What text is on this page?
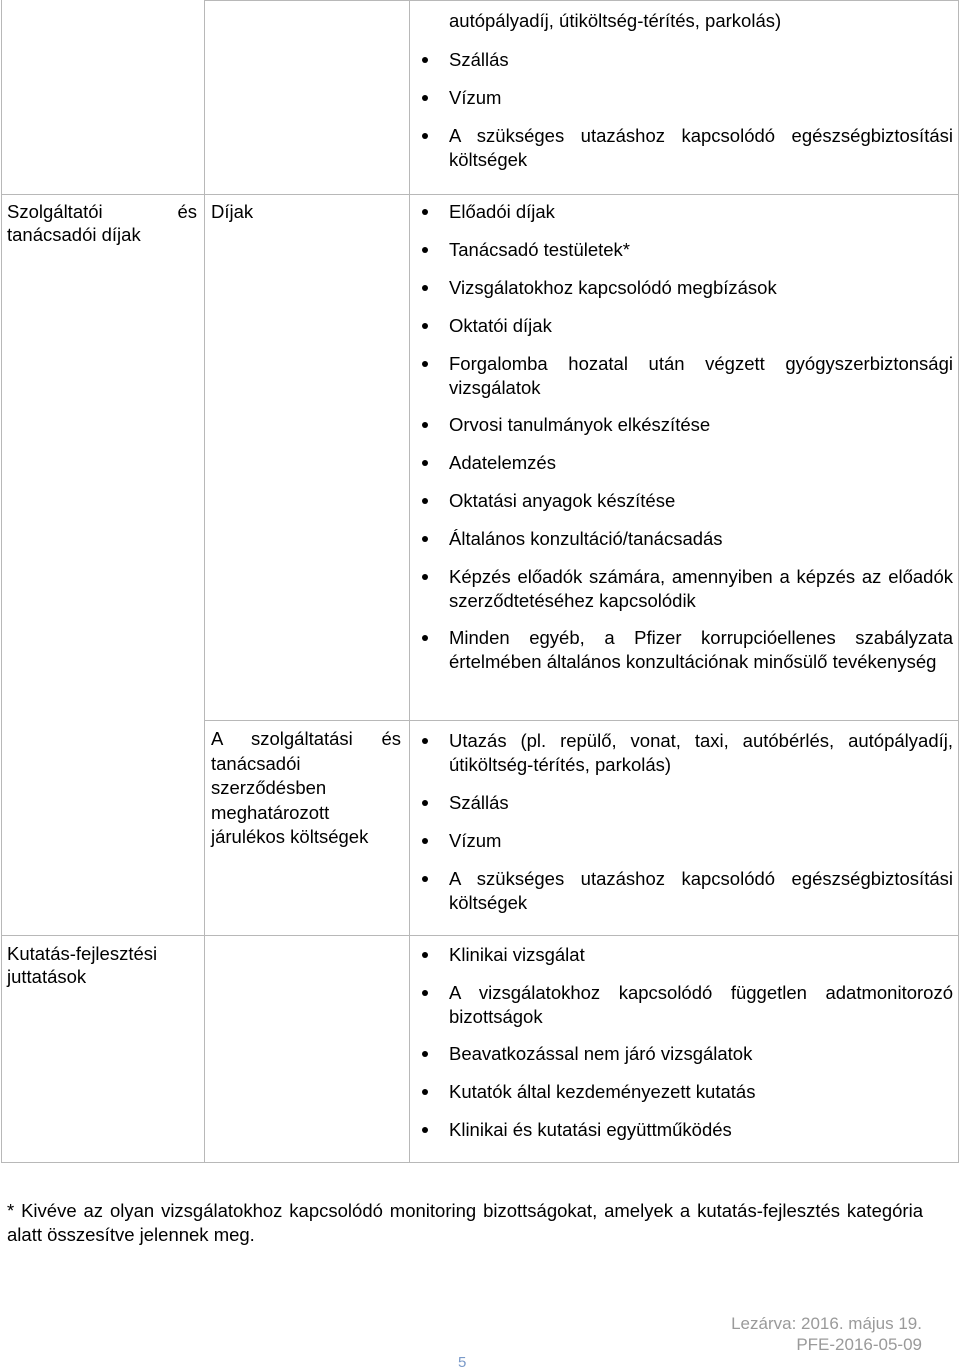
autópályadíj, útiköltség-térítés, parkolás)
Szállás
Vízum
A szükséges utazáshoz kapcsolódó egészségbiztosítási költségek
Szolgáltatói és tanácsadói díjak
Díjak	Előadói díjak
Tanácsadó testületek*
Vizsgálatokhoz kapcsolódó megbízások
Oktatói díjak
Forgalomba hozatal után végzett gyógyszerbiztonsági vizsgálatok
Orvosi tanulmányok elkészítése
Adatelemzés
Oktatási anyagok készítése
Általános konzultáció/tanácsadás
Képzés előadók számára, amennyiben a képzés az előadók szerződtetéséhez kapcsolódik
Minden egyéb, a Pfizer korrupcióellenes szabályzata értelmében általános konzultációnak minősülő tevékenység
A szolgáltatási és tanácsadói szerződésben meghatározott járulékos költségek
Utazás (pl. repülő, vonat, taxi, autóbérlés, autópályadíj, útiköltség-térítés, parkolás)
Szállás
Vízum
A szükséges utazáshoz kapcsolódó egészségbiztosítási költségek
Kutatás-fejlesztési juttatások
Klinikai vizsgálat
A vizsgálatokhoz kapcsolódó független adatmonitorozó bizottságok
Beavatkozással nem járó vizsgálatok
Kutatók által kezdeményezett kutatás
Klinikai és kutatási együttműködés
* Kivéve az olyan vizsgálatokhoz kapcsolódó monitoring bizottságokat, amelyek a kutatás-fejlesztés kategória alatt összesítve jelennek meg.
Lezárva: 2016. május 19.
PFE-2016-05-09
5
